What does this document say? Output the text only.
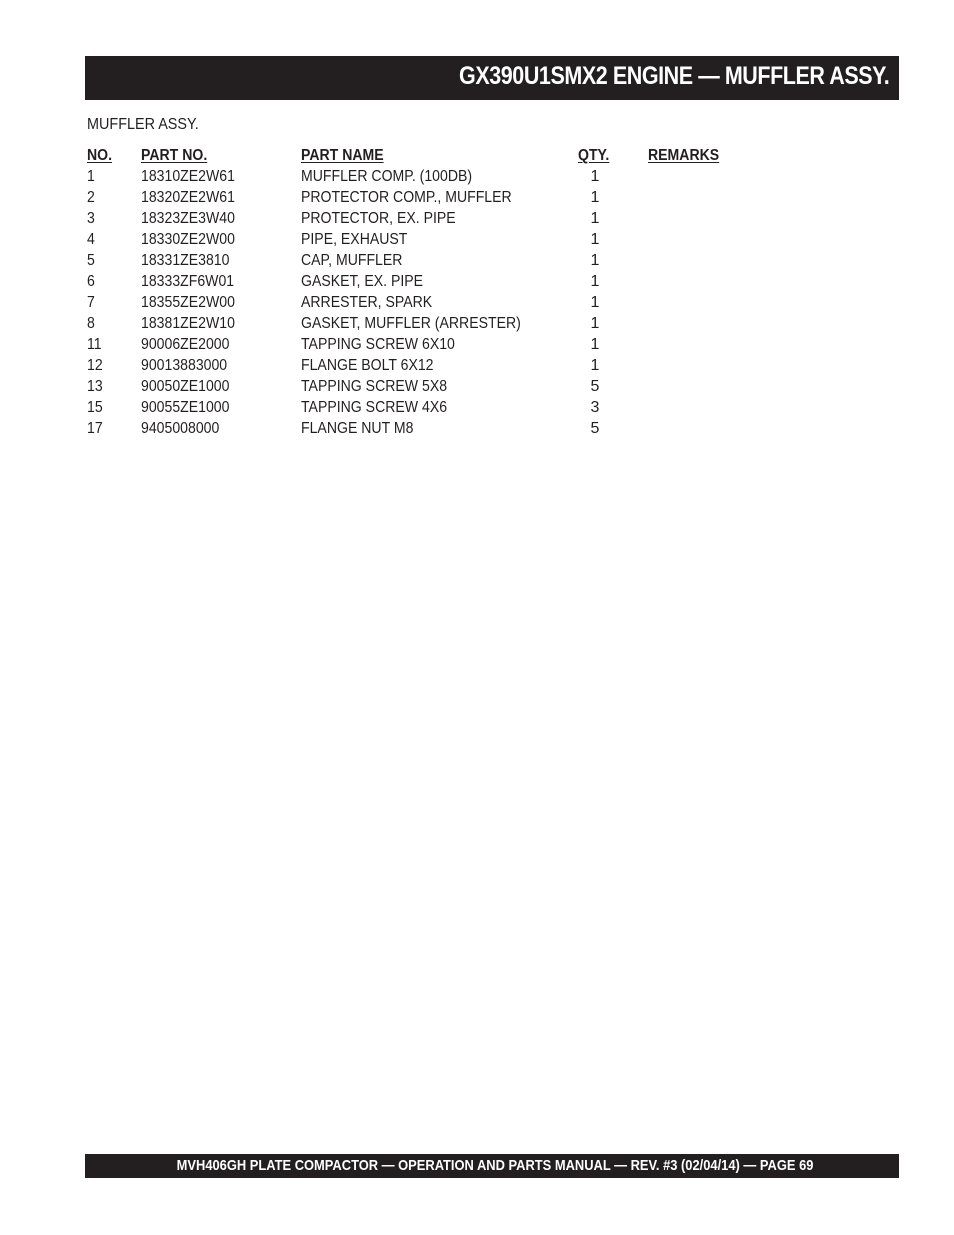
GX390U1SMX2 ENGINE — MUFFLER ASSY.
MUFFLER ASSY.
NO. PART NO.	PART NAME	QTY. REMARKS
1	18310ZE2W61	MUFFLER COMP. (100DB)	1
2	18320ZE2W61	PROTECTOR COMP., MUFFLER	1
3	18323ZE3W40	PROTECTOR, EX. PIPE	1
4	18330ZE2W00	PIPE, EXHAUST	1
5	18331ZE3810	CAP, MUFFLER	1
6	18333ZF6W01	GASKET, EX. PIPE	1
7	18355ZE2W00	ARRESTER, SPARK	1
8	18381ZE2W10	GASKET, MUFFLER (ARRESTER)	1
11 90006ZE2000	TAPPING SCREW 6X10	1
12 90013883000	FLANGE BOLT 6X12	1
13 90050ZE1000	TAPPING SCREW 5X8	5
15 90055ZE1000	TAPPING SCREW 4X6	3
17 9405008000	FLANGE NUT M8	5
MVH406GH PLATE COMPACTOR — OPERATION AND PARTS MANUAL — REV. #3 (02/04/14) — PAGE 69
